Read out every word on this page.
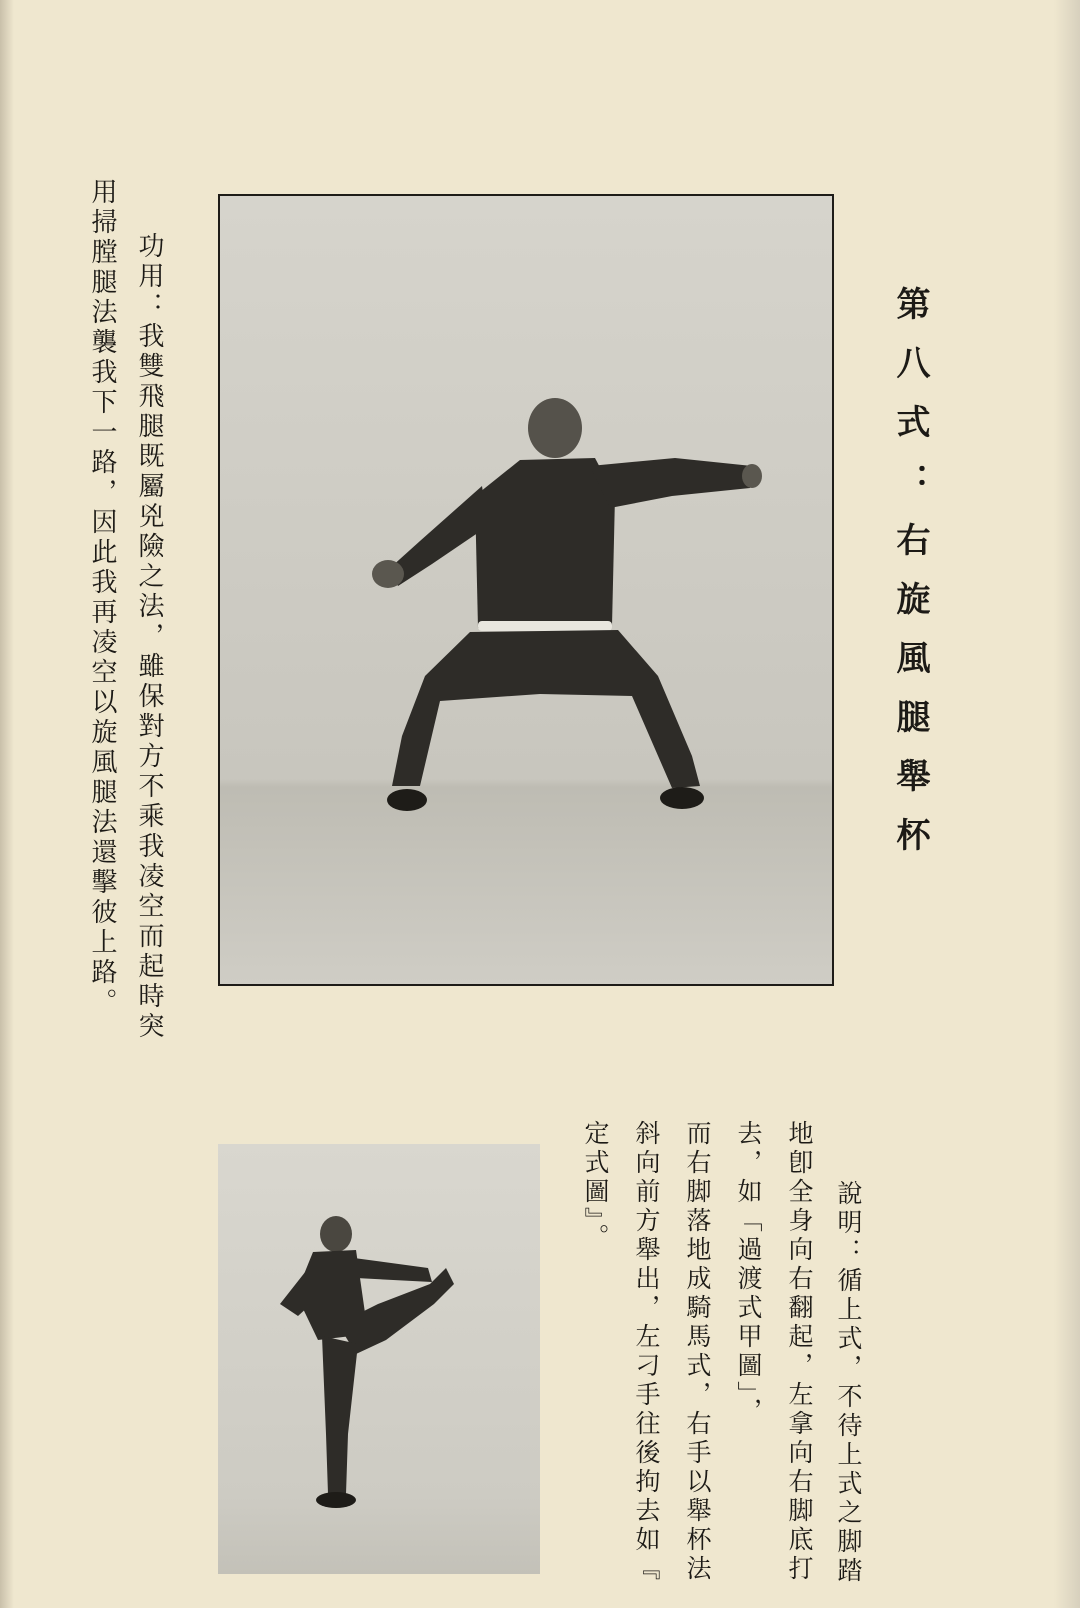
第八式：右旋風腿舉杯

功用：我雙飛腿既屬兇險之法，雖保對方不乘我凌空而起時突

用掃膛腿法襲我下一路，因此我再凌空以旋風腿法還擊彼上路。

說明：循上式，不待上式之脚踏

地卽全身向右翻起，左拿向右脚底打

去，如「過渡式甲圖」，

而右脚落地成騎馬式，右手以舉杯法

斜向前方舉出，左刁手往後拘去如『

定式圖』。
